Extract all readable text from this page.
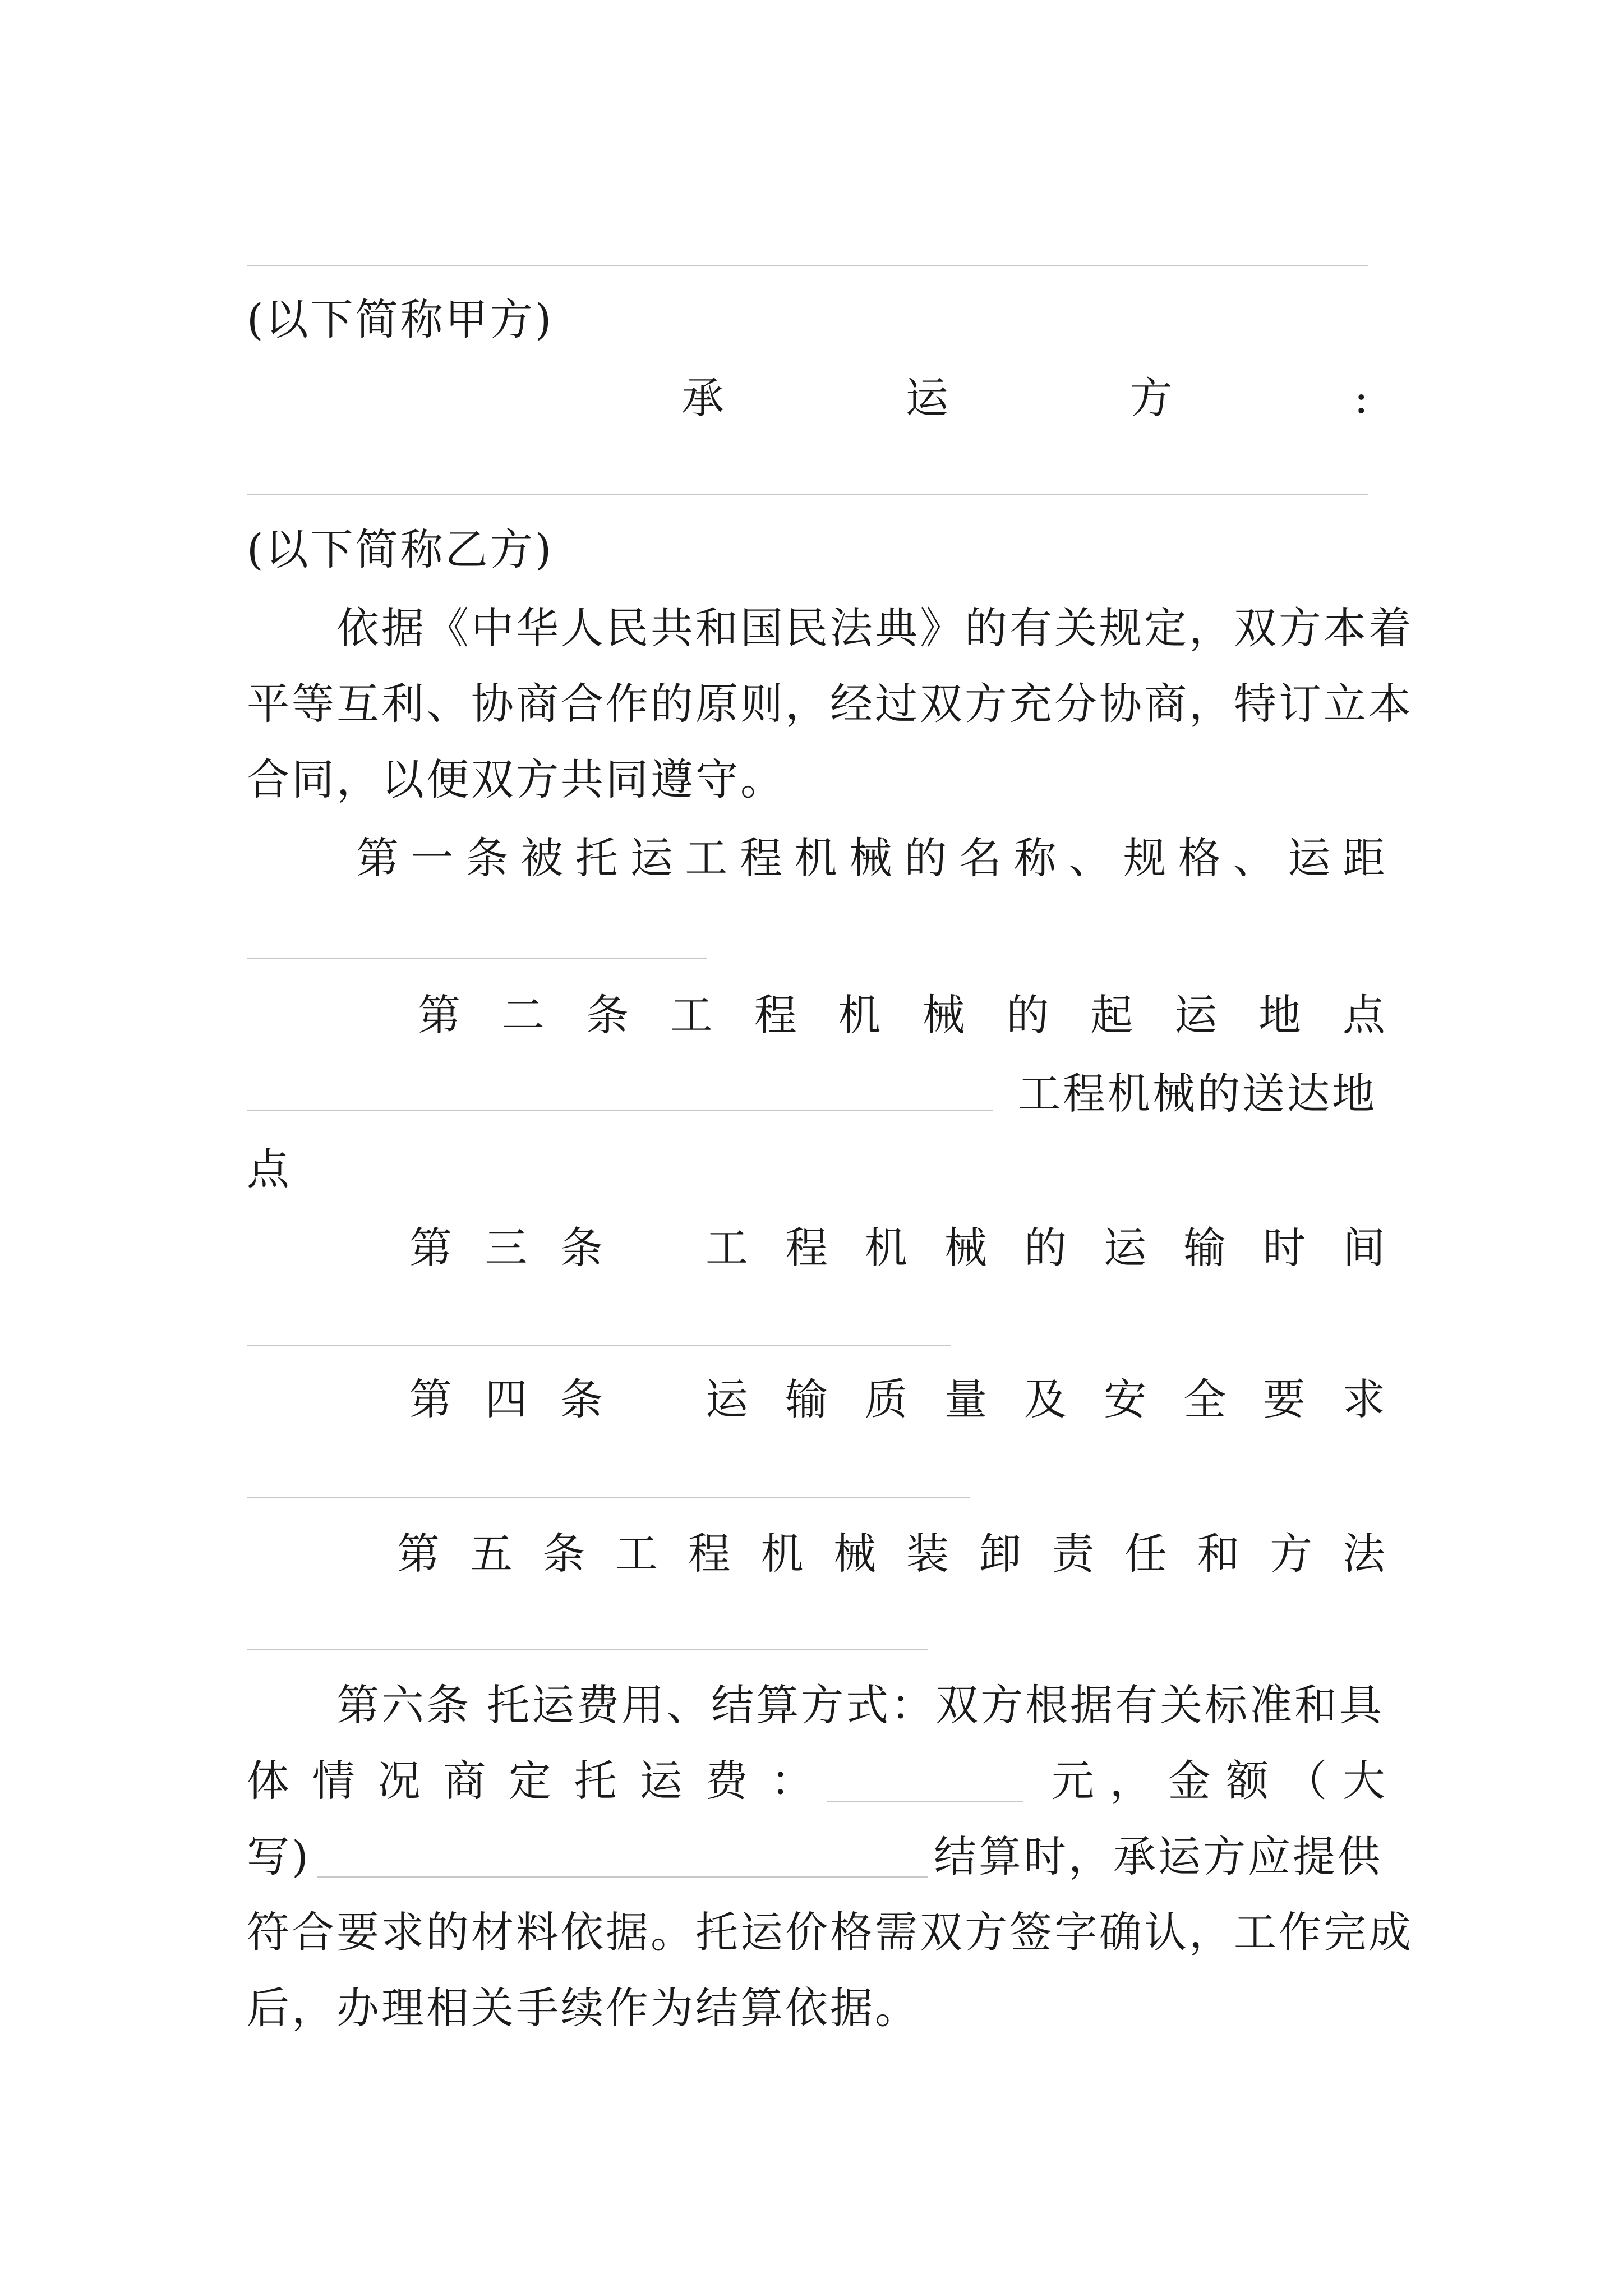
(以下简称甲方)
承	运	方	:
(以下简称乙方)
依据《中华人民共和国民法典》的有关规定，双方本着
平等互利、协商合作的原则，经过双方充分协商，特订立本
合同，以便双方共同遵守。
第 一 条 被 托 运 工 程 机 械 的 名 称 、 规 格 、 运 距
第 二 条 工 程 机 械 的 起 运 地 点
工程机械的送达地
点
第 三 条 工 程 机 械 的 运 输 时 间
第 四 条 运 输 质 量 及 安 全 要 求
第 五 条 工 程 机 械 装 卸 责 任 和 方 法
第六条 托运费用、结算方式：双方根据有关标准和具
体 情 况 商 定 托 运 费 ：	元 ， 金 额 （ 大
写)	结算时，承运方应提供
符合要求的材料依据。托运价格需双方签字确认，工作完成
后，办理相关手续作为结算依据。
